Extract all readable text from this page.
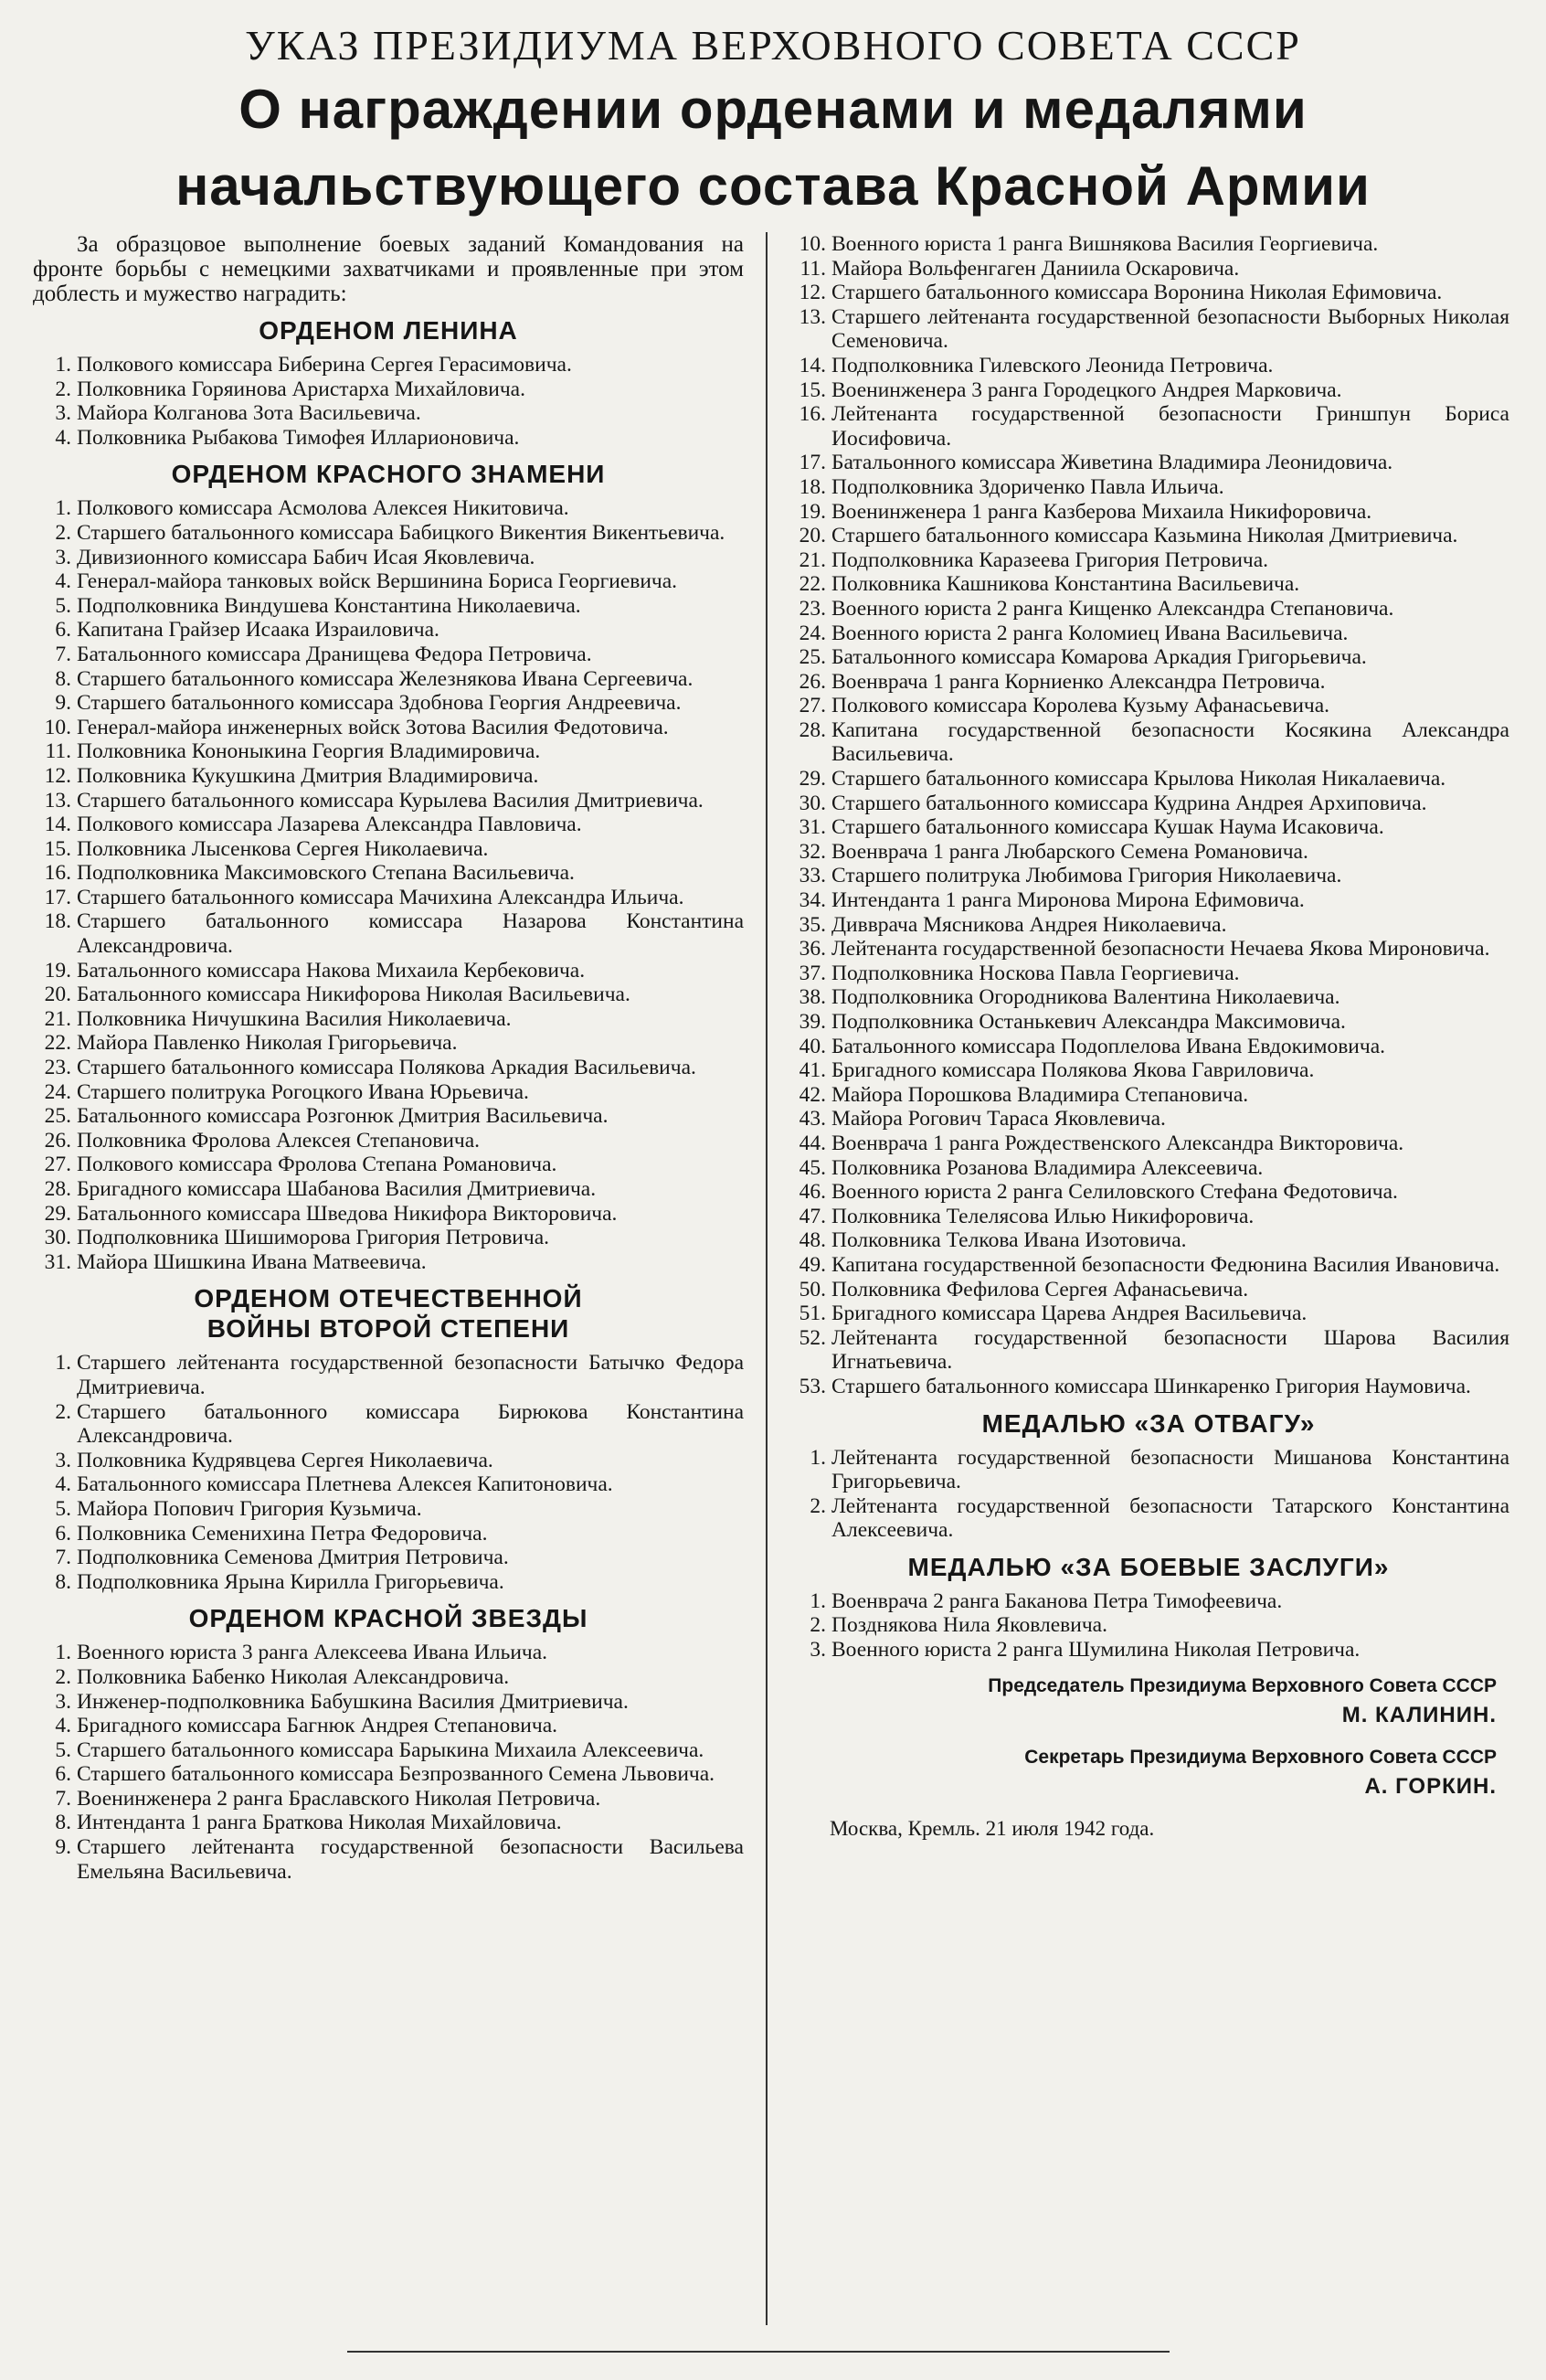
УКАЗ ПРЕЗИДИУМА ВЕРХОВНОГО СОВЕТА СССР
О награждении орденами и медалями
начальствующего состава Красной Армии

За образцовое выполнение боевых заданий Командования на фронте борьбы с немецкими захватчиками и проявленные при этом доблесть и мужество наградить:

ОРДЕНОМ ЛЕНИНА
1. Полкового комиссара Биберина Сергея Герасимовича.
2. Полковника Горяинова Аристарха Михайловича.
3. Майора Колганова Зота Васильевича.
4. Полковника Рыбакова Тимофея Илларионовича.
ОРДЕНОМ КРАСНОГО ЗНАМЕНИ
1. Полкового комиссара Асмолова Алексея Никитовича.
2. Старшего батальонного комиссара Бабицкого Викентия Викентьевича.
3. Дивизионного комиссара Бабич Исая Яковлевича.
4. Генерал-майора танковых войск Вершинина Бориса Георгиевича.
5. Подполковника Виндушева Константина Николаевича.
6. Капитана Грайзер Исаака Израиловича.
7. Батальонного комиссара Дранищева Федора Петровича.
8. Старшего батальонного комиссара Железнякова Ивана Сергеевича.
9. Старшего батальонного комиссара Здобнова Георгия Андреевича.
10. Генерал-майора инженерных войск Зотова Василия Федотовича.
11. Полковника Кононыкина Георгия Владимировича.
12. Полковника Кукушкина Дмитрия Владимировича.
13. Старшего батальонного комиссара Курылева Василия Дмитриевича.
14. Полкового комиссара Лазарева Александра Павловича.
15. Полковника Лысенкова Сергея Николаевича.
16. Подполковника Максимовского Степана Васильевича.
17. Старшего батальонного комиссара Мачихина Александра Ильича.
18. Старшего батальонного комиссара Назарова Константина Александровича.
19. Батальонного комиссара Накова Михаила Кербековича.
20. Батальонного комиссара Никифорова Николая Васильевича.
21. Полковника Ничушкина Василия Николаевича.
22. Майора Павленко Николая Григорьевича.
23. Старшего батальонного комиссара Полякова Аркадия Васильевича.
24. Старшего политрука Рогоцкого Ивана Юрьевича.
25. Батальонного комиссара Розгонюк Дмитрия Васильевича.
26. Полковника Фролова Алексея Степановича.
27. Полкового комиссара Фролова Степана Романовича.
28. Бригадного комиссара Шабанова Василия Дмитриевича.
29. Батальонного комиссара Шведова Никифора Викторовича.
30. Подполковника Шишиморова Григория Петровича.
31. Майора Шишкина Ивана Матвеевича.
ОРДЕНОМ ОТЕЧЕСТВЕННОЙ ВОЙНЫ ВТОРОЙ СТЕПЕНИ
1. Старшего лейтенанта государственной безопасности Батычко Федора Дмитриевича.
2. Старшего батальонного комиссара Бирюкова Константина Александровича.
3. Полковника Кудрявцева Сергея Николаевича.
4. Батальонного комиссара Плетнева Алексея Капитоновича.
5. Майора Попович Григория Кузьмича.
6. Полковника Семенихина Петра Федоровича.
7. Подполковника Семенова Дмитрия Петровича.
8. Подполковника Ярына Кирилла Григорьевича.
ОРДЕНОМ КРАСНОЙ ЗВЕЗДЫ
1. Военного юриста 3 ранга Алексеева Ивана Ильича.
2. Полковника Бабенко Николая Александровича.
3. Инженер-подполковника Бабушкина Василия Дмитриевича.
4. Бригадного комиссара Багнюк Андрея Степановича.
5. Старшего батальонного комиссара Барыкина Михаила Алексеевича.
6. Старшего батальонного комиссара Безпрозванного Семена Львовича.
7. Военинженера 2 ранга Браславского Николая Петровича.
8. Интенданта 1 ранга Браткова Николая Михайловича.
9. Старшего лейтенанта государственной безопасности Васильева Емельяна Васильевича.
10. Военного юриста 1 ранга Вишнякова Василия Георгиевича.
11. Майора Вольфенгаген Даниила Оскаровича.
12. Старшего батальонного комиссара Воронина Николая Ефимовича.
13. Старшего лейтенанта государственной безопасности Выборных Николая Семеновича.
14. Подполковника Гилевского Леонида Петровича.
15. Военинженера 3 ранга Городецкого Андрея Марковича.
16. Лейтенанта государственной безопасности Гриншпун Бориса Иосифовича.
17. Батальонного комиссара Живетина Владимира Леонидовича.
18. Подполковника Здориченко Павла Ильича.
19. Военинженера 1 ранга Казберова Михаила Никифоровича.
20. Старшего батальонного комиссара Казьмина Николая Дмитриевича.
21. Подполковника Каразеева Григория Петровича.
22. Полковника Кашникова Константина Васильевича.
23. Военного юриста 2 ранга Кищенко Александра Степановича.
24. Военного юриста 2 ранга Коломиец Ивана Васильевича.
25. Батальонного комиссара Комарова Аркадия Григорьевича.
26. Военврача 1 ранга Корниенко Александра Петровича.
27. Полкового комиссара Королева Кузьму Афанасьевича.
28. Капитана государственной безопасности Косякина Александра Васильевича.
29. Старшего батальонного комиссара Крылова Николая Никалаевича.
30. Старшего батальонного комиссара Кудрина Андрея Архиповича.
31. Старшего батальонного комиссара Кушак Наума Исаковича.
32. Военврача 1 ранга Любарского Семена Романовича.
33. Старшего политрука Любимова Григория Николаевича.
34. Интенданта 1 ранга Миронова Мирона Ефимовича.
35. Дивврача Мясникова Андрея Николаевича.
36. Лейтенанта государственной безопасности Нечаева Якова Мироновича.
37. Подполковника Носкова Павла Георгиевича.
38. Подполковника Огородникова Валентина Николаевича.
39. Подполковника Останькевич Александра Максимовича.
40. Батальонного комиссара Подоплелова Ивана Евдокимовича.
41. Бригадного комиссара Полякова Якова Гавриловича.
42. Майора Порошкова Владимира Степановича.
43. Майора Рогович Тараса Яковлевича.
44. Военврача 1 ранга Рождественского Александра Викторовича.
45. Полковника Розанова Владимира Алексеевича.
46. Военного юриста 2 ранга Селиловского Стефана Федотовича.
47. Полковника Телелясова Илью Никифоровича.
48. Полковника Телкова Ивана Изотовича.
49. Капитана государственной безопасности Федюнина Василия Ивановича.
50. Полковника Фефилова Сергея Афанасьевича.
51. Бригадного комиссара Царева Андрея Васильевича.
52. Лейтенанта государственной безопасности Шарова Василия Игнатьевича.
53. Старшего батальонного комиссара Шинкаренко Григория Наумовича.
МЕДАЛЬЮ «ЗА ОТВАГУ»
1. Лейтенанта государственной безопасности Мишанова Константина Григорьевича.
2. Лейтенанта государственной безопасности Татарского Константина Алексеевича.
МЕДАЛЬЮ «ЗА БОЕВЫЕ ЗАСЛУГИ»
1. Военврача 2 ранга Баканова Петра Тимофеевича.
2. Позднякова Нила Яковлевича.
3. Военного юриста 2 ранга Шумилина Николая Петровича.
Председатель Президиума Верховного Совета СССР
М. КАЛИНИН.
Секретарь Президиума Верховного Совета СССР
А. ГОРКИН.
Москва, Кремль. 21 июля 1942 года.
